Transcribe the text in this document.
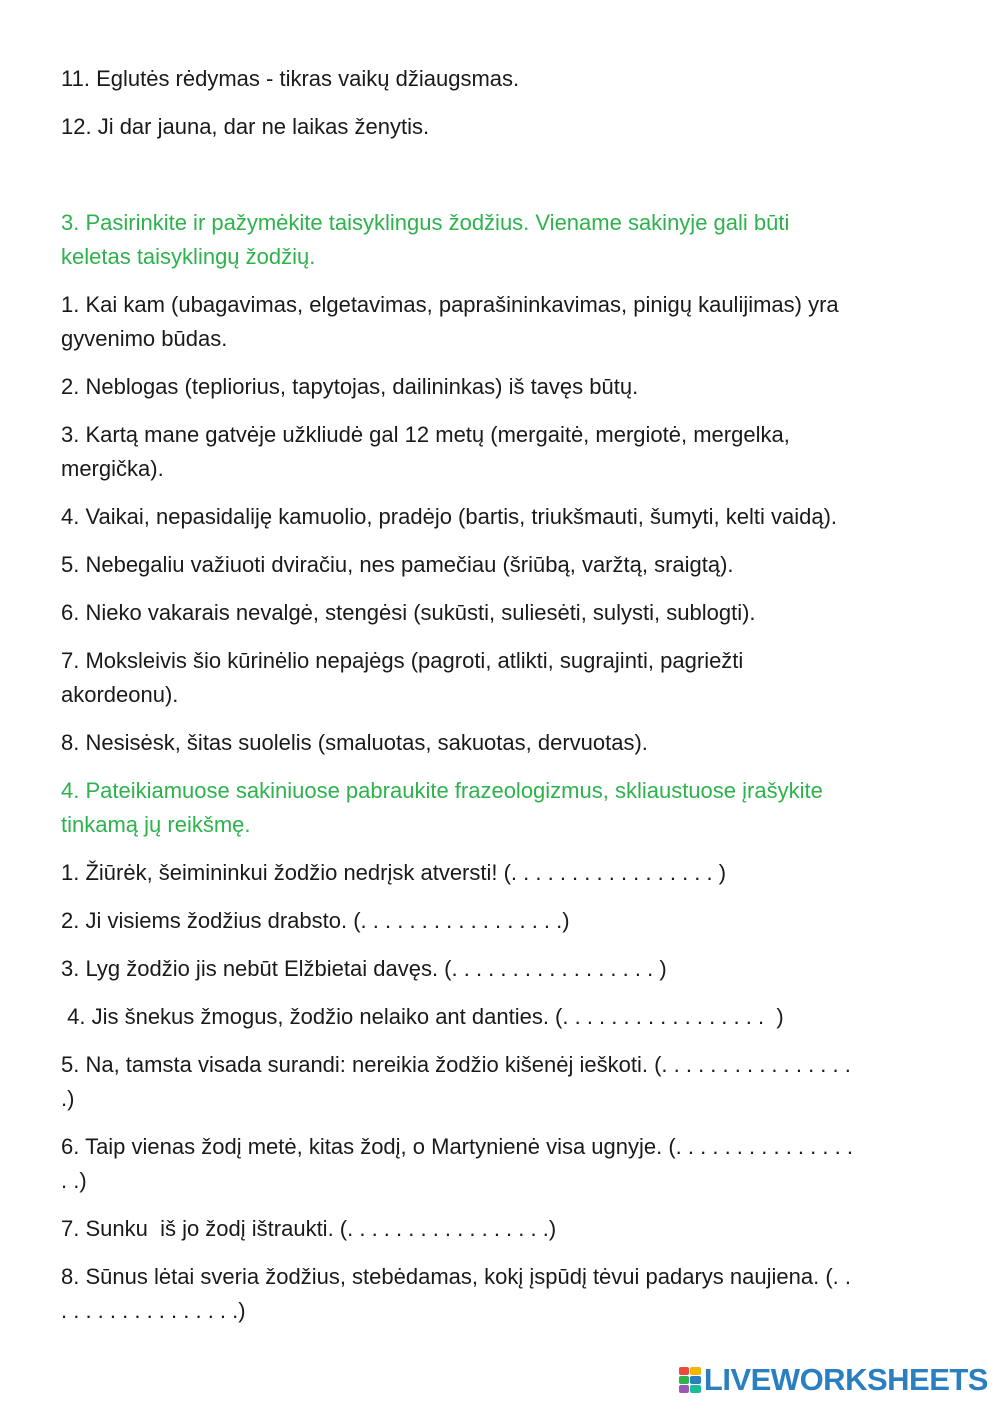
11. Eglutės rėdymas - tikras vaikų džiaugsmas.

12. Ji dar jauna, dar ne laikas ženytis.

3. Pasirinkite ir pažymėkite taisyklingus žodžius. Viename sakinyje gali būti

keletas taisyklingų žodžių.

1. Kai kam (ubagavimas, elgetavimas, paprašininkavimas, pinigų kaulijimas) yra

gyvenimo būdas.

2. Neblogas (tepliorius, tapytojas, dailininkas) iš tavęs būtų.

3. Kartą mane gatvėje užkliudė gal 12 metų (mergaitė, mergiotė, mergelka,

mergička).

4. Vaikai, nepasidaliję kamuolio, pradėjo (bartis, triukšmauti, šumyti, kelti vaidą).

5. Nebegaliu važiuoti dviračiu, nes pamečiau (šriūbą, varžtą, sraigtą).

6. Nieko vakarais nevalgė, stengėsi (sukūsti, suliesėti, sulysti, sublogti).

7. Moksleivis šio kūrinėlio nepajėgs (pagroti, atlikti, sugrajinti, pagriežti

akordeonu).

8. Nesisėsk, šitas suolelis (smaluotas, sakuotas, dervuotas).

4. Pateikiamuose sakiniuose pabraukite frazeologizmus, skliaustuose įrašykite

tinkamą jų reikšmę.

1. Žiūrėk, šeimininkui žodžio nedrįsk atversti! (. . . . . . . . . . . . . . . . . )

2. Ji visiems žodžius drabsto. (. . . . . . . . . . . . . . . . .)

3. Lyg žodžio jis nebūt Elžbietai davęs. (. . . . . . . . . . . . . . . . . )

4. Jis šnekus žmogus, žodžio nelaiko ant danties. (. . . . . . . . . . . . . . . . .  )

5. Na, tamsta visada surandi: nereikia žodžio kišenėj ieškoti. (. . . . . . . . . . . . . . . .

.)

6. Taip vienas žodį metė, kitas žodį, o Martynienė visa ugnyje. (. . . . . . . . . . . . . . .

. .)

7. Sunku  iš jo žodį ištraukti. (. . . . . . . . . . . . . . . . .)

8. Sūnus lėtai sveria žodžius, stebėdamas, kokį įspūdį tėvui padarys naujiena. (. .

. . . . . . . . . . . . . . .)

LIVEWORKSHEETS
